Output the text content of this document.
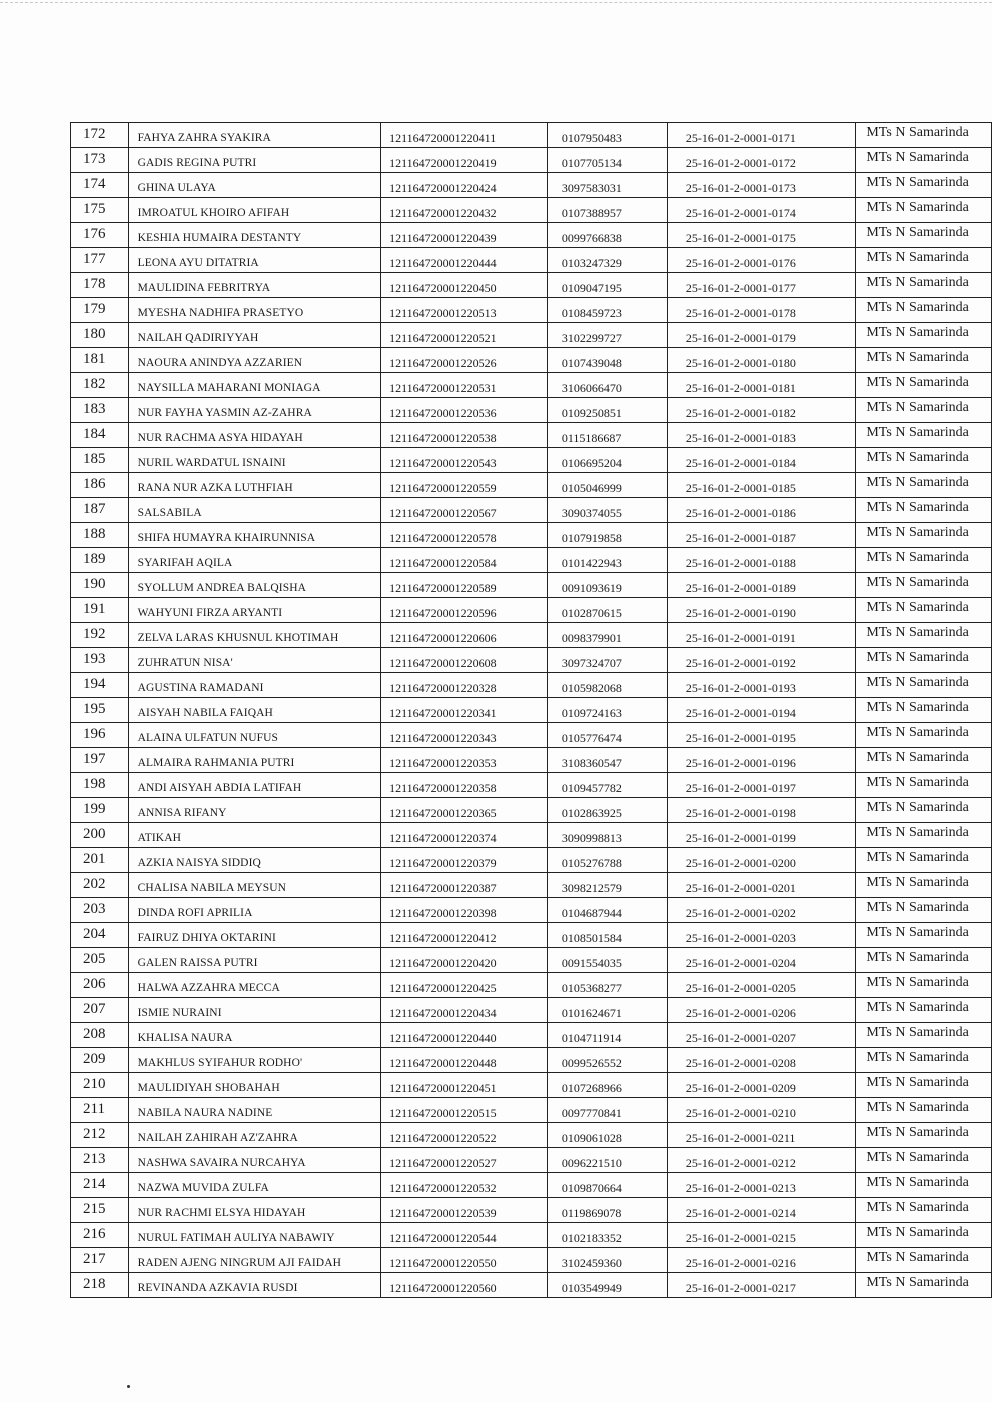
172	FAHYA ZAHRA SYAKIRA	121164720001220411	0107950483	25-16-01-2-0001-0171	MTs N Samarinda
173	GADIS REGINA PUTRI	121164720001220419	0107705134	25-16-01-2-0001-0172	MTs N Samarinda
174	GHINA ULAYA	121164720001220424	3097583031	25-16-01-2-0001-0173	MTs N Samarinda
175	IMROATUL KHOIRO AFIFAH	121164720001220432	0107388957	25-16-01-2-0001-0174	MTs N Samarinda
176	KESHIA HUMAIRA DESTANTY	121164720001220439	0099766838	25-16-01-2-0001-0175	MTs N Samarinda
177	LEONA AYU DITATRIA	121164720001220444	0103247329	25-16-01-2-0001-0176	MTs N Samarinda
178	MAULIDINA FEBRITRYA	121164720001220450	0109047195	25-16-01-2-0001-0177	MTs N Samarinda
179	MYESHA NADHIFA PRASETYO	121164720001220513	0108459723	25-16-01-2-0001-0178	MTs N Samarinda
180	NAILAH QADIRIYYAH	121164720001220521	3102299727	25-16-01-2-0001-0179	MTs N Samarinda
181	NAOURA ANINDYA AZZARIEN	121164720001220526	0107439048	25-16-01-2-0001-0180	MTs N Samarinda
182	NAYSILLA MAHARANI MONIAGA	121164720001220531	3106066470	25-16-01-2-0001-0181	MTs N Samarinda
183	NUR FAYHA YASMIN AZ-ZAHRA	121164720001220536	0109250851	25-16-01-2-0001-0182	MTs N Samarinda
184	NUR RACHMA ASYA HIDAYAH	121164720001220538	0115186687	25-16-01-2-0001-0183	MTs N Samarinda
185	NURIL WARDATUL ISNAINI	121164720001220543	0106695204	25-16-01-2-0001-0184	MTs N Samarinda
186	RANA NUR AZKA LUTHFIAH	121164720001220559	0105046999	25-16-01-2-0001-0185	MTs N Samarinda
187	SALSABILA	121164720001220567	3090374055	25-16-01-2-0001-0186	MTs N Samarinda
188	SHIFA HUMAYRA KHAIRUNNISA	121164720001220578	0107919858	25-16-01-2-0001-0187	MTs N Samarinda
189	SYARIFAH AQILA	121164720001220584	0101422943	25-16-01-2-0001-0188	MTs N Samarinda
190	SYOLLUM ANDREA BALQISHA	121164720001220589	0091093619	25-16-01-2-0001-0189	MTs N Samarinda
191	WAHYUNI FIRZA ARYANTI	121164720001220596	0102870615	25-16-01-2-0001-0190	MTs N Samarinda
192	ZELVA LARAS KHUSNUL KHOTIMAH	121164720001220606	0098379901	25-16-01-2-0001-0191	MTs N Samarinda
193	ZUHRATUN NISA'	121164720001220608	3097324707	25-16-01-2-0001-0192	MTs N Samarinda
194	AGUSTINA RAMADANI	121164720001220328	0105982068	25-16-01-2-0001-0193	MTs N Samarinda
195	AISYAH NABILA FAIQAH	121164720001220341	0109724163	25-16-01-2-0001-0194	MTs N Samarinda
196	ALAINA ULFATUN NUFUS	121164720001220343	0105776474	25-16-01-2-0001-0195	MTs N Samarinda
197	ALMAIRA RAHMANIA PUTRI	121164720001220353	3108360547	25-16-01-2-0001-0196	MTs N Samarinda
198	ANDI AISYAH ABDIA LATIFAH	121164720001220358	0109457782	25-16-01-2-0001-0197	MTs N Samarinda
199	ANNISA RIFANY	121164720001220365	0102863925	25-16-01-2-0001-0198	MTs N Samarinda
200	ATIKAH	121164720001220374	3090998813	25-16-01-2-0001-0199	MTs N Samarinda
201	AZKIA NAISYA SIDDIQ	121164720001220379	0105276788	25-16-01-2-0001-0200	MTs N Samarinda
202	CHALISA NABILA MEYSUN	121164720001220387	3098212579	25-16-01-2-0001-0201	MTs N Samarinda
203	DINDA ROFI APRILIA	121164720001220398	0104687944	25-16-01-2-0001-0202	MTs N Samarinda
204	FAIRUZ DHIYA OKTARINI	121164720001220412	0108501584	25-16-01-2-0001-0203	MTs N Samarinda
205	GALEN RAISSA PUTRI	121164720001220420	0091554035	25-16-01-2-0001-0204	MTs N Samarinda
206	HALWA AZZAHRA MECCA	121164720001220425	0105368277	25-16-01-2-0001-0205	MTs N Samarinda
207	ISMIE NURAINI	121164720001220434	0101624671	25-16-01-2-0001-0206	MTs N Samarinda
208	KHALISA NAURA	121164720001220440	0104711914	25-16-01-2-0001-0207	MTs N Samarinda
209	MAKHLUS SYIFAHUR RODHO'	121164720001220448	0099526552	25-16-01-2-0001-0208	MTs N Samarinda
210	MAULIDIYAH SHOBAHAH	121164720001220451	0107268966	25-16-01-2-0001-0209	MTs N Samarinda
211	NABILA NAURA NADINE	121164720001220515	0097770841	25-16-01-2-0001-0210	MTs N Samarinda
212	NAILAH ZAHIRAH AZ'ZAHRA	121164720001220522	0109061028	25-16-01-2-0001-0211	MTs N Samarinda
213	NASHWA SAVAIRA NURCAHYA	121164720001220527	0096221510	25-16-01-2-0001-0212	MTs N Samarinda
214	NAZWA MUVIDA ZULFA	121164720001220532	0109870664	25-16-01-2-0001-0213	MTs N Samarinda
215	NUR RACHMI ELSYA HIDAYAH	121164720001220539	0119869078	25-16-01-2-0001-0214	MTs N Samarinda
216	NURUL FATIMAH AULIYA NABAWIY	121164720001220544	0102183352	25-16-01-2-0001-0215	MTs N Samarinda
217	RADEN AJENG NINGRUM AJI FAIDAH	121164720001220550	3102459360	25-16-01-2-0001-0216	MTs N Samarinda
218	REVINANDA AZKAVIA RUSDI	121164720001220560	0103549949	25-16-01-2-0001-0217	MTs N Samarinda
